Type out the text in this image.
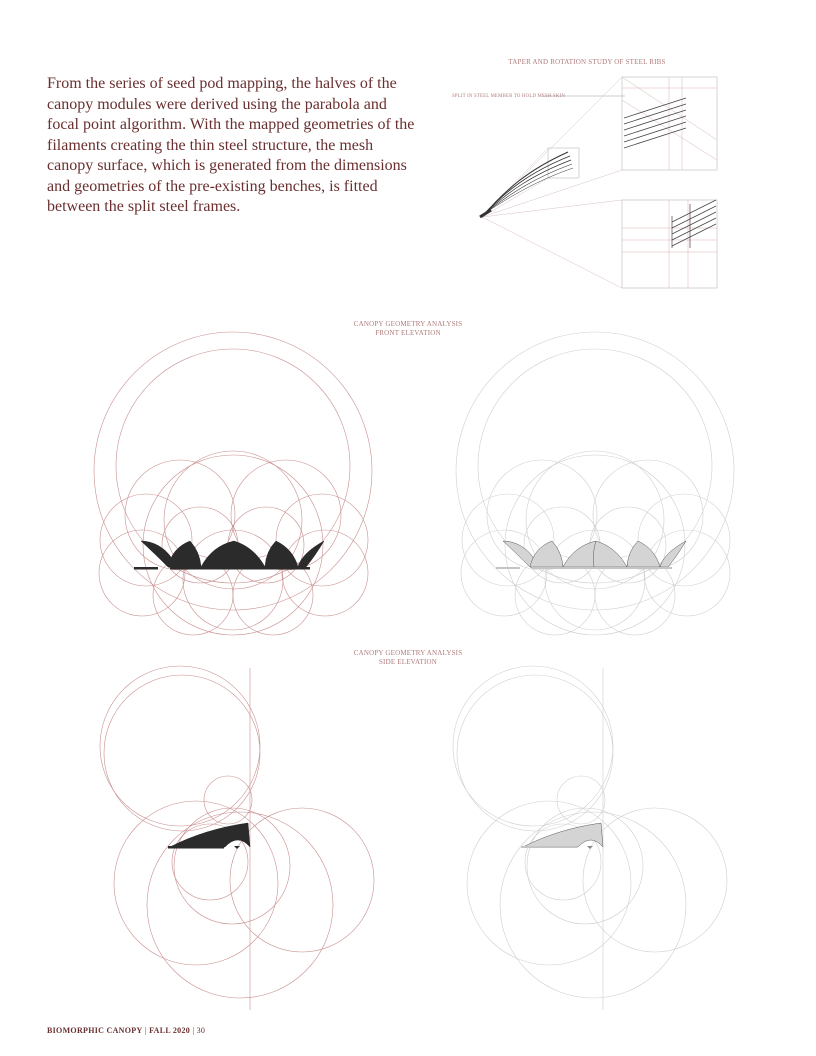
From the series of seed pod mapping, the halves of the canopy modules were derived using the parabola and focal point algorithm. With the mapped geometries of the filaments creating the thin steel structure, the mesh canopy surface, which is generated from the dimensions and geometries of the pre-existing benches, is fitted between the split steel frames.

TAPER AND ROTATION STUDY OF STEEL RIBS
SPLIT IN STEEL MEMBER TO HOLD MESH SKIN
CANOPY GEOMETRY ANALYSIS
FRONT ELEVATION
CANOPY GEOMETRY ANALYSIS
SIDE ELEVATION
BIOMORPHIC CANOPY | FALL 2020 | 30
